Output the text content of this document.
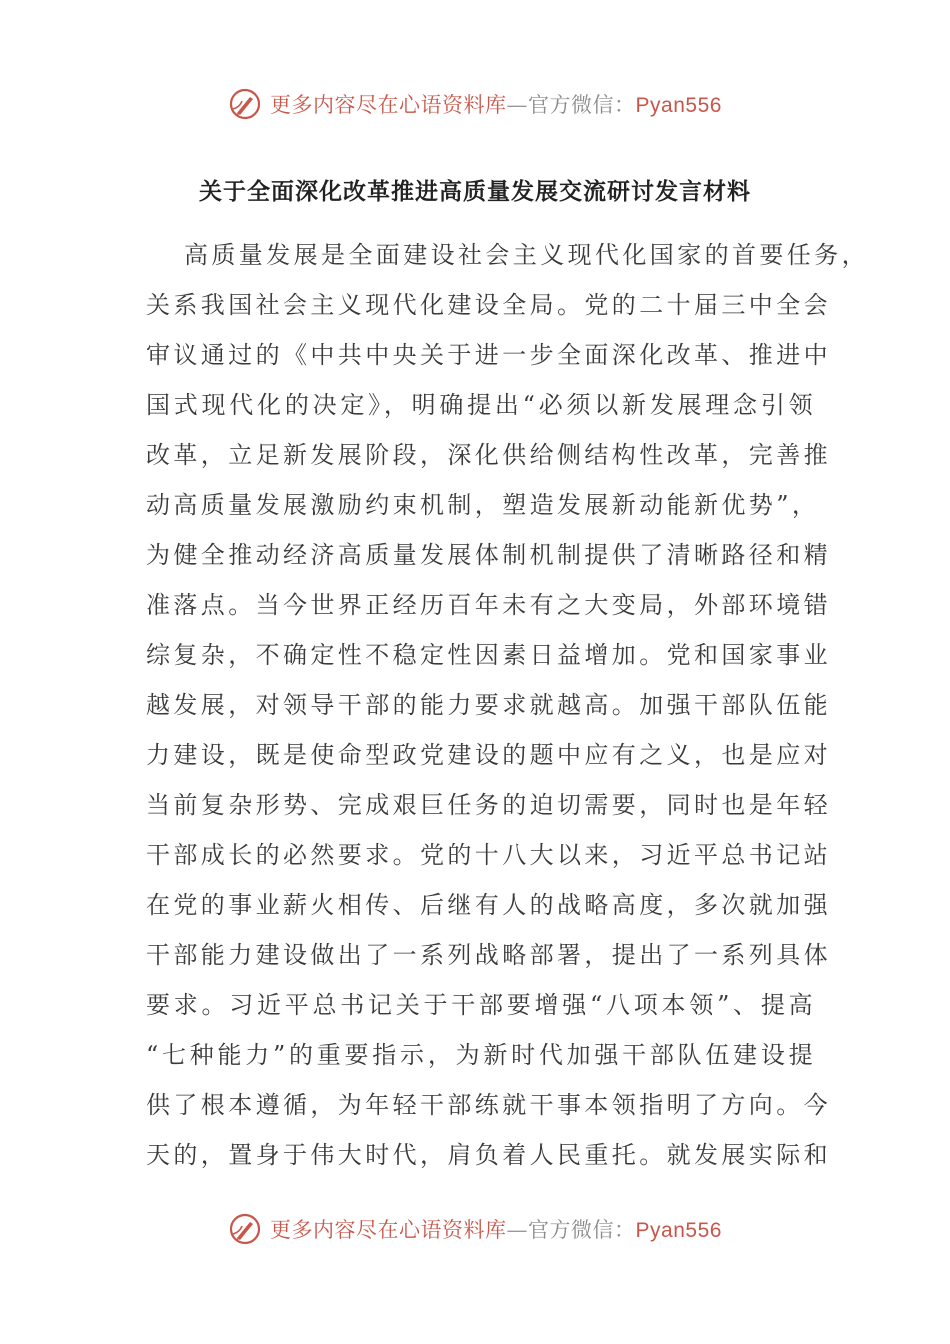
更多内容尽在心语资料库—官方微信：Pyan556
关于全面深化改革推进高质量发展交流研讨发言材料
高质量发展是全面建设社会主义现代化国家的首要任务，
关系我国社会主义现代化建设全局。党的二十届三中全会
审议通过的《中共中央关于进一步全面深化改革、推进中
国式现代化的决定》，明确提出“必须以新发展理念引领
改革，立足新发展阶段，深化供给侧结构性改革，完善推
动高质量发展激励约束机制，塑造发展新动能新优势”，
为健全推动经济高质量发展体制机制提供了清晰路径和精
准落点。当今世界正经历百年未有之大变局，外部环境错
综复杂，不确定性不稳定性因素日益增加。党和国家事业
越发展，对领导干部的能力要求就越高。加强干部队伍能
力建设，既是使命型政党建设的题中应有之义，也是应对
当前复杂形势、完成艰巨任务的迫切需要，同时也是年轻
干部成长的必然要求。党的十八大以来，习近平总书记站
在党的事业薪火相传、后继有人的战略高度，多次就加强
干部能力建设做出了一系列战略部署，提出了一系列具体
要求。习近平总书记关于干部要增强“八项本领”、提高
“七种能力”的重要指示，为新时代加强干部队伍建设提
供了根本遵循，为年轻干部练就干事本领指明了方向。今
天的，置身于伟大时代，肩负着人民重托。就发展实际和
更多内容尽在心语资料库—官方微信：Pyan556
